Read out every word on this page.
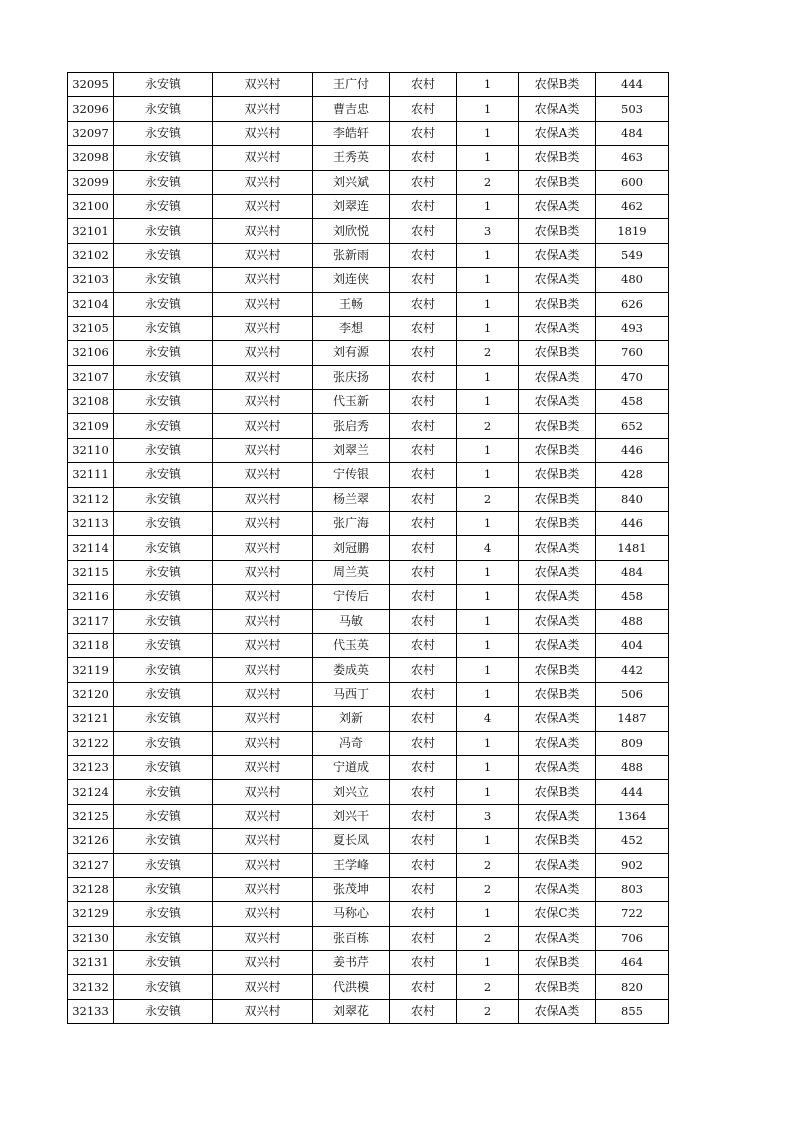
32095	永安镇	双兴村	王广付	农村	1	农保B类	444
32096	永安镇	双兴村	曹吉忠	农村	1	农保A类	503
32097	永安镇	双兴村	李皓轩	农村	1	农保A类	484
32098	永安镇	双兴村	王秀英	农村	1	农保B类	463
32099	永安镇	双兴村	刘兴斌	农村	2	农保B类	600
32100	永安镇	双兴村	刘翠连	农村	1	农保A类	462
32101	永安镇	双兴村	刘欣悦	农村	3	农保B类	1819
32102	永安镇	双兴村	张新雨	农村	1	农保A类	549
32103	永安镇	双兴村	刘连侠	农村	1	农保A类	480
32104	永安镇	双兴村	王畅	农村	1	农保B类	626
32105	永安镇	双兴村	李想	农村	1	农保A类	493
32106	永安镇	双兴村	刘有源	农村	2	农保B类	760
32107	永安镇	双兴村	张庆扬	农村	1	农保A类	470
32108	永安镇	双兴村	代玉新	农村	1	农保A类	458
32109	永安镇	双兴村	张启秀	农村	2	农保B类	652
32110	永安镇	双兴村	刘翠兰	农村	1	农保B类	446
32111	永安镇	双兴村	宁传银	农村	1	农保B类	428
32112	永安镇	双兴村	杨兰翠	农村	2	农保B类	840
32113	永安镇	双兴村	张广海	农村	1	农保B类	446
32114	永安镇	双兴村	刘冠鹏	农村	4	农保A类	1481
32115	永安镇	双兴村	周兰英	农村	1	农保A类	484
32116	永安镇	双兴村	宁传后	农村	1	农保A类	458
32117	永安镇	双兴村	马敏	农村	1	农保A类	488
32118	永安镇	双兴村	代玉英	农村	1	农保A类	404
32119	永安镇	双兴村	娄成英	农村	1	农保B类	442
32120	永安镇	双兴村	马西丁	农村	1	农保B类	506
32121	永安镇	双兴村	刘新	农村	4	农保A类	1487
32122	永安镇	双兴村	冯奇	农村	1	农保A类	809
32123	永安镇	双兴村	宁道成	农村	1	农保A类	488
32124	永安镇	双兴村	刘兴立	农村	1	农保B类	444
32125	永安镇	双兴村	刘兴干	农村	3	农保A类	1364
32126	永安镇	双兴村	夏长凤	农村	1	农保B类	452
32127	永安镇	双兴村	王学峰	农村	2	农保A类	902
32128	永安镇	双兴村	张茂坤	农村	2	农保A类	803
32129	永安镇	双兴村	马称心	农村	1	农保C类	722
32130	永安镇	双兴村	张百栋	农村	2	农保A类	706
32131	永安镇	双兴村	姜书芹	农村	1	农保B类	464
32132	永安镇	双兴村	代洪模	农村	2	农保B类	820
32133	永安镇	双兴村	刘翠花	农村	2	农保A类	855
